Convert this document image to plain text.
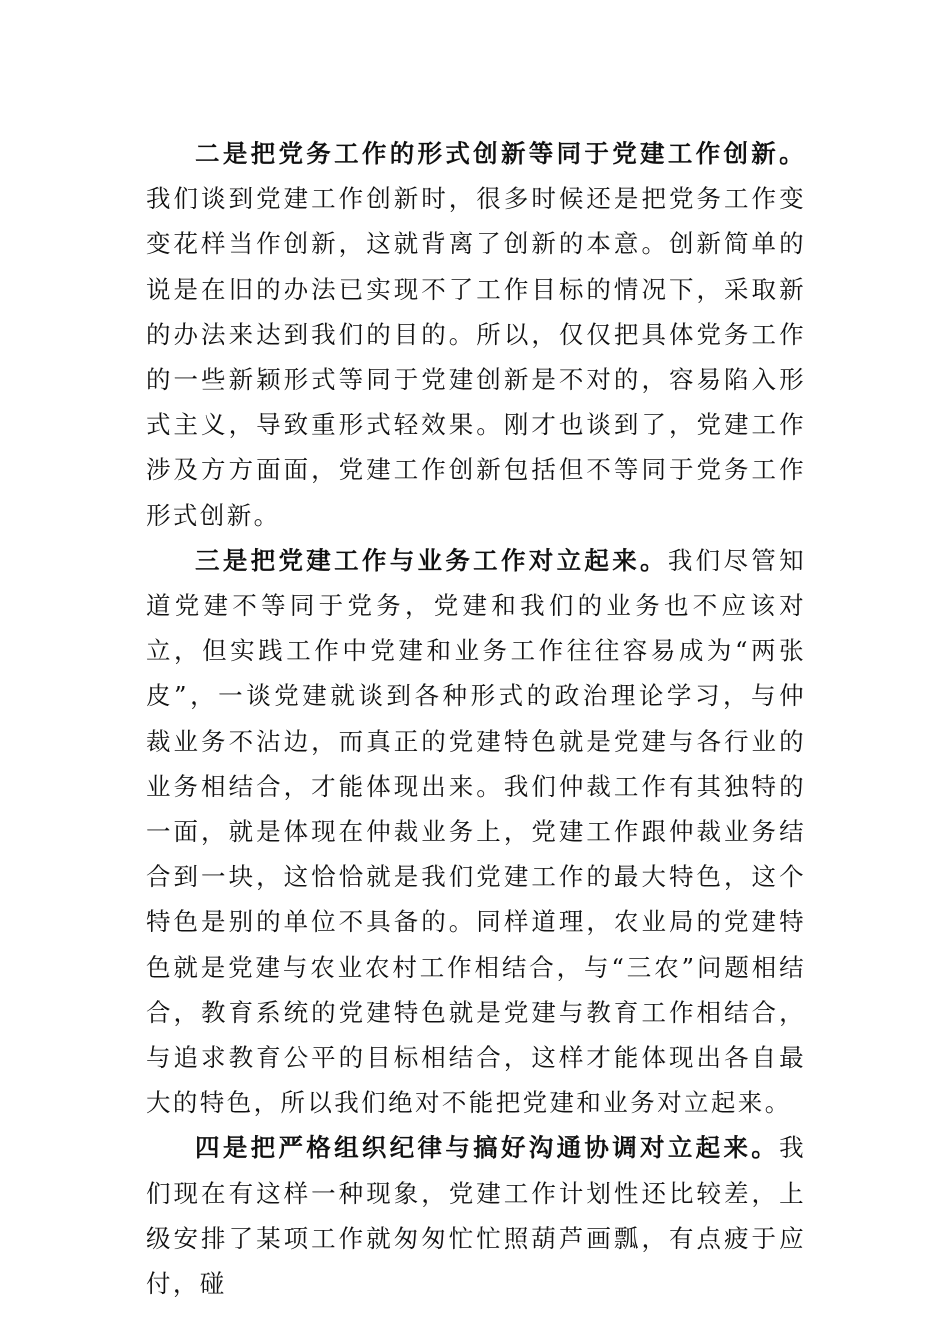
二是把党务工作的形式创新等同于党建工作创新。我们谈到党建工作创新时，很多时候还是把党务工作变变花样当作创新，这就背离了创新的本意。创新简单的说是在旧的办法已实现不了工作目标的情况下，采取新的办法来达到我们的目的。所以，仅仅把具体党务工作的一些新颖形式等同于党建创新是不对的，容易陷入形式主义，导致重形式轻效果。刚才也谈到了，党建工作涉及方方面面，党建工作创新包括但不等同于党务工作形式创新。

三是把党建工作与业务工作对立起来。我们尽管知道党建不等同于党务，党建和我们的业务也不应该对立，但实践工作中党建和业务工作往往容易成为“两张皮”，一谈党建就谈到各种形式的政治理论学习，与仲裁业务不沾边，而真正的党建特色就是党建与各行业的业务相结合，才能体现出来。我们仲裁工作有其独特的一面，就是体现在仲裁业务上，党建工作跟仲裁业务结合到一块，这恰恰就是我们党建工作的最大特色，这个特色是别的单位不具备的。同样道理，农业局的党建特色就是党建与农业农村工作相结合，与“三农”问题相结合，教育系统的党建特色就是党建与教育工作相结合，与追求教育公平的目标相结合，这样才能体现出各自最大的特色，所以我们绝对不能把党建和业务对立起来。

四是把严格组织纪律与搞好沟通协调对立起来。我们现在有这样一种现象，党建工作计划性还比较差，上级安排了某项工作就匆匆忙忙照葫芦画瓢，有点疲于应付，碰
